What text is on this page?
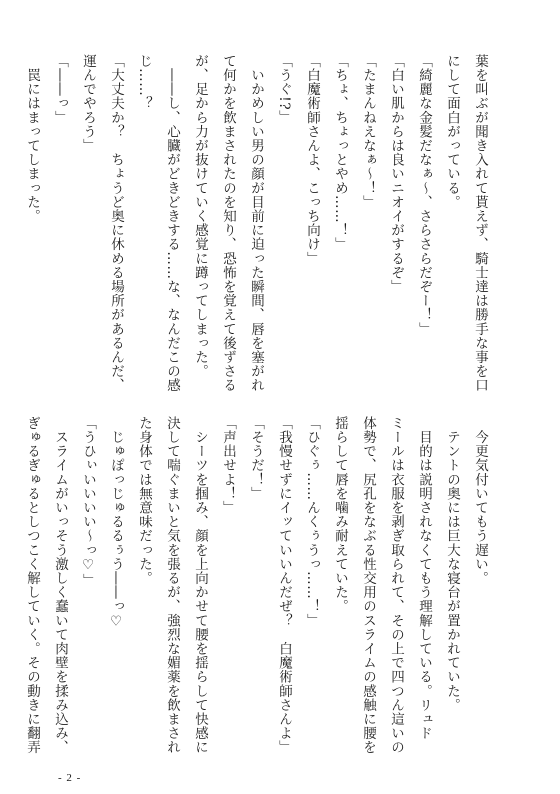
葉を叫ぶが聞き入れて貰えず、騎士達は勝手な事を口
にして面白がっている。
「綺麗な金髪だなぁ～、さらさらだぞー！」
「白い肌からは良いニオイがするぞ」
「たまんねえなぁ～！」
「ちょ、ちょっとやめ……！」
「白魔術師さんよ、こっち向け」
「うぐ!?」
　いかめしい男の顔が目前に迫った瞬間、唇を塞がれ
て何かを飲まされたのを知り、恐怖を覚えて後ずさる
が、足から力が抜けていく感覚に蹲ってしまった。
　――し、心臓がどきどきする……な、なんだこの感
じ……？
「大丈夫か？　ちょうど奥に休める場所があるんだ、
運んでやろう」
「――っ」
　罠にはまってしまった。
　今更気付いてもう遅い。
　テントの奥には巨大な寝台が置かれていた。
　目的は説明されなくてもう理解している。リュド
ミールは衣服を剥ぎ取られて、その上で四つん這いの
体勢で、尻孔をなぶる性交用のスライムの感触に腰を
揺らして唇を噛み耐えていた。
「ひぐぅ……んくぅうっ……！」
「我慢せずにイッていいんだぜ？　白魔術師さんよ」
「そうだ！」
「声出せよ！」
　シーツを掴み、顔を上向かせて腰を揺らして快感に
決して喘ぐまいと気を張るが、強烈な媚薬を飲まされ
た身体では無意味だった。
　じゅぽっじゅるるぅう――っ♡
「うひぃいいいい～っ♡」
　スライムがいっそう激しく蠢いて肉壁を揉み込み、
ぎゅるぎゅるとしつこく解していく。その動きに翻弄
- 2 -
